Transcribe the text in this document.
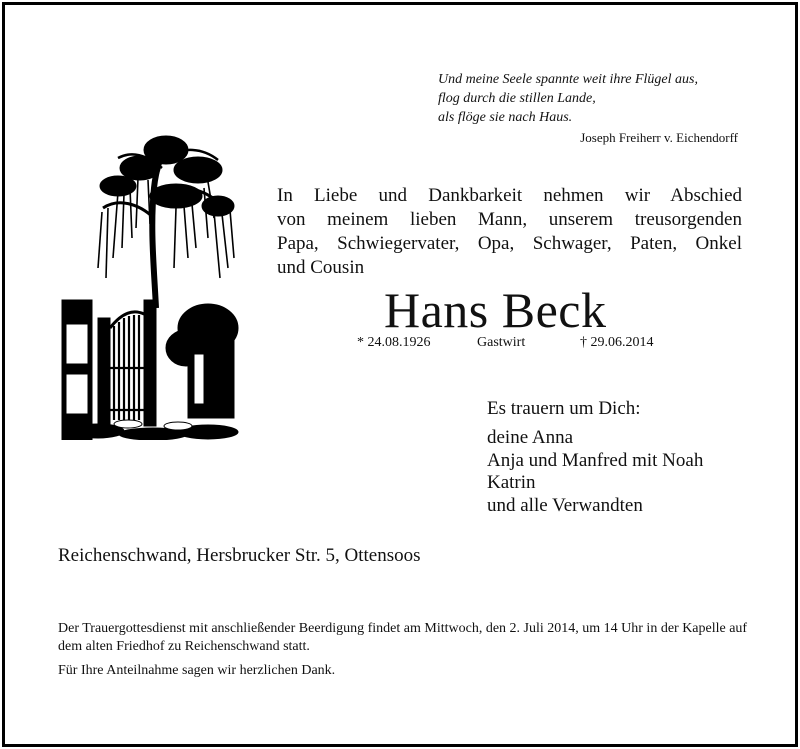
Und meine Seele spannte weit ihre Flügel aus,
flog durch die stillen Lande,
als flöge sie nach Haus.
Joseph Freiherr v. Eichendorff
In Liebe und Dankbarkeit nehmen wir Abschied
von meinem lieben Mann, unserem treusorgenden
Papa, Schwiegervater, Opa, Schwager, Paten, Onkel
und Cousin
Hans Beck
* 24.08.1926	Gastwirt	† 29.06.2014
Es trauern um Dich:
deine Anna
Anja und Manfred mit Noah
Katrin
und alle Verwandten
Reichenschwand, Hersbrucker Str. 5, Ottensoos

Der Trauergottesdienst mit anschließender Beerdigung findet am Mittwoch, den 2. Juli 2014, um 14 Uhr in der Kapelle auf dem alten Friedhof zu Reichenschwand statt.

Für Ihre Anteilnahme sagen wir herzlichen Dank.
